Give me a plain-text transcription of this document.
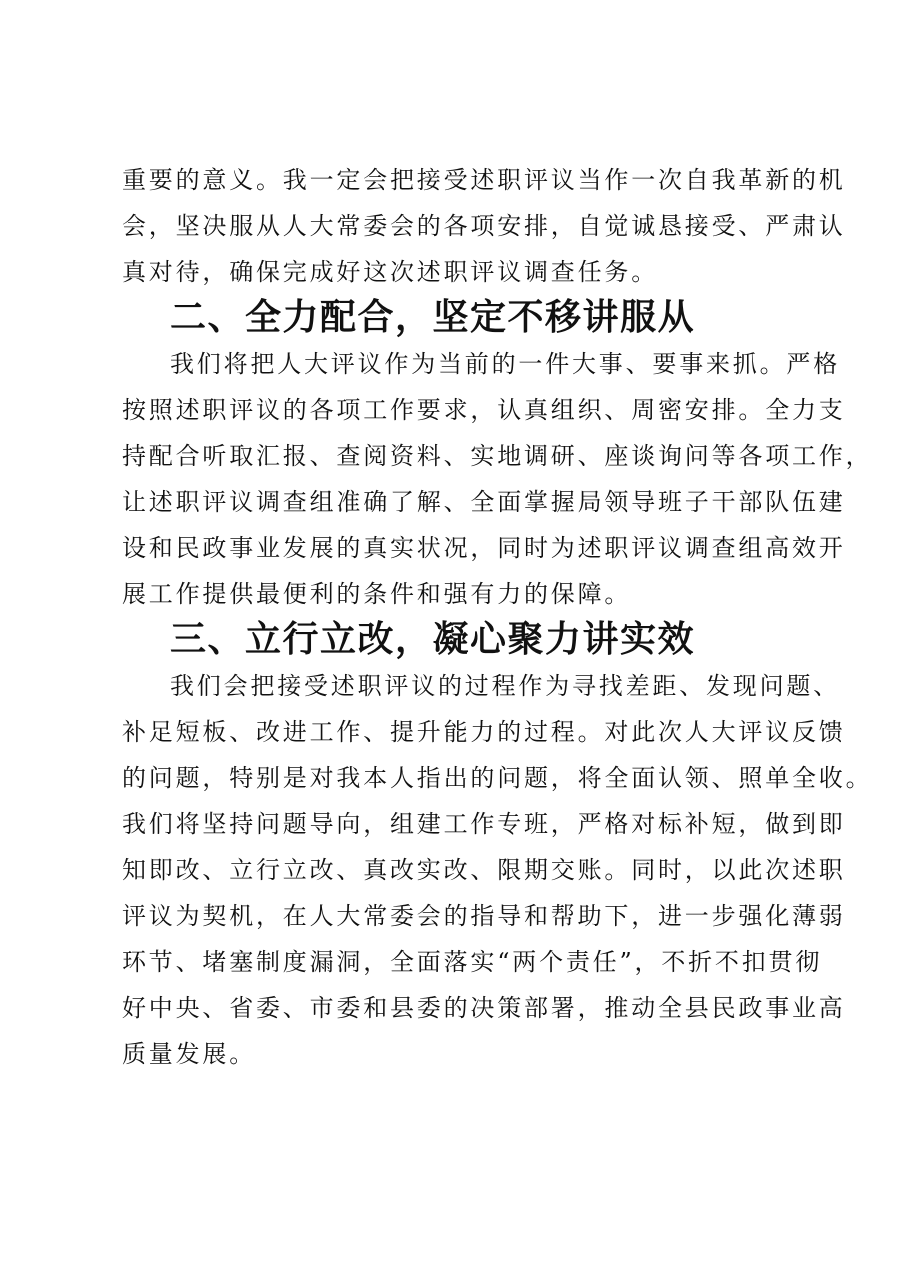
重要的意义。我一定会把接受述职评议当作一次自我革新的机
会，坚决服从人大常委会的各项安排，自觉诚恳接受、严肃认
真对待，确保完成好这次述职评议调查任务。

二、全力配合，坚定不移讲服从

我们将把人大评议作为当前的一件大事、要事来抓。严格
按照述职评议的各项工作要求，认真组织、周密安排。全力支
持配合听取汇报、查阅资料、实地调研、座谈询问等各项工作，
让述职评议调查组准确了解、全面掌握局领导班子干部队伍建
设和民政事业发展的真实状况，同时为述职评议调查组高效开
展工作提供最便利的条件和强有力的保障。

三、立行立改，凝心聚力讲实效

我们会把接受述职评议的过程作为寻找差距、发现问题、
补足短板、改进工作、提升能力的过程。对此次人大评议反馈
的问题，特别是对我本人指出的问题，将全面认领、照单全收。
我们将坚持问题导向，组建工作专班，严格对标补短，做到即
知即改、立行立改、真改实改、限期交账。同时，以此次述职
评议为契机，在人大常委会的指导和帮助下，进一步强化薄弱
环节、堵塞制度漏洞，全面落实“两个责任”，不折不扣贯彻
好中央、省委、市委和县委的决策部署，推动全县民政事业高
质量发展。
